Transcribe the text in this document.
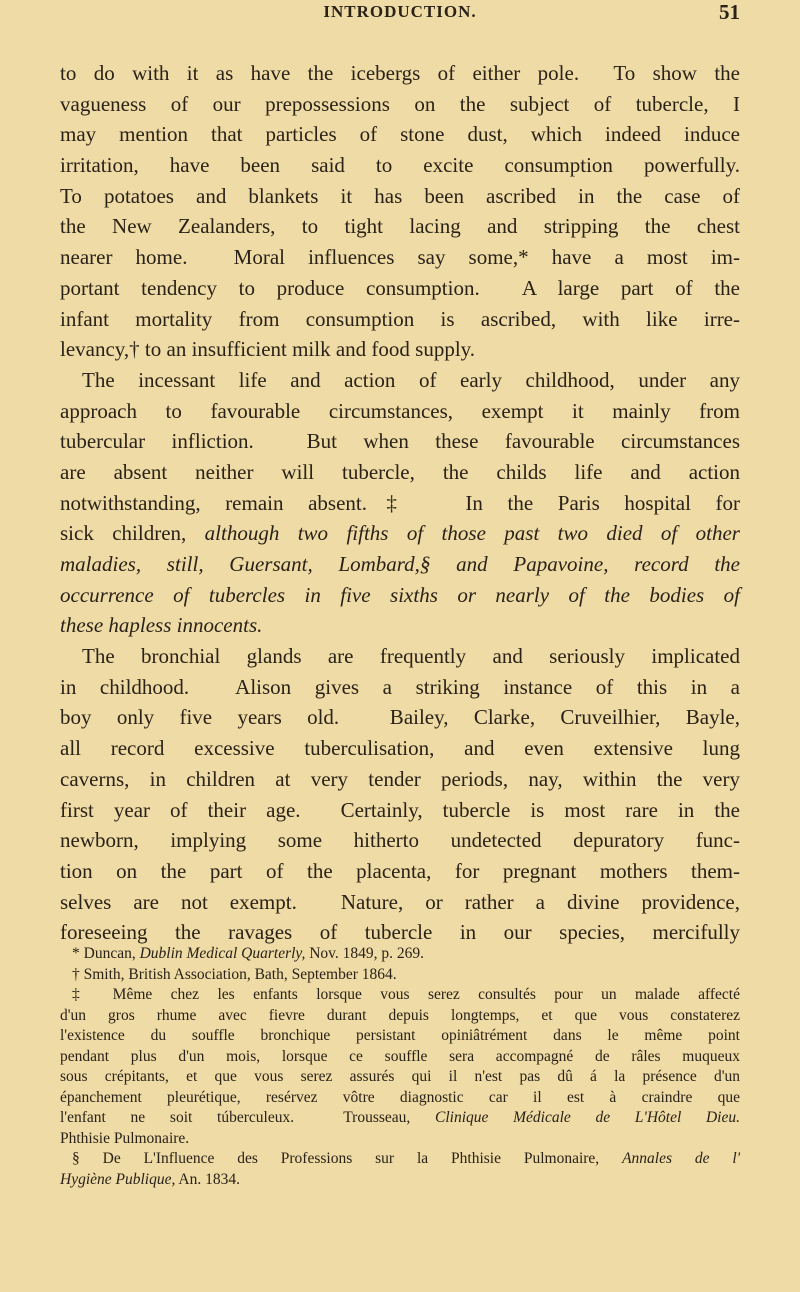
INTRODUCTION.	51
to do with it as have the icebergs of either pole.  To show the
vagueness of our prepossessions on the subject of tubercle, I
may mention that particles of stone dust, which indeed induce
irritation, have been said to excite consumption powerfully.
To potatoes and blankets it has been ascribed in the case of
the New Zealanders, to tight lacing and stripping the chest
nearer home.  Moral influences say some,* have a most im-
portant tendency to produce consumption.  A large part of the
infant mortality from consumption is ascribed, with like irre-
levancy,† to an insufficient milk and food supply.
The incessant life and action of early childhood, under any
approach to favourable circumstances, exempt it mainly from
tubercular infliction.  But when these favourable circumstances
are absent neither will tubercle, the childs life and action
notwithstanding, remain absent.‡  In the Paris hospital for
sick children, although two fifths of those past two died of other
maladies, still, Guersant, Lombard,§ and Papavoine, record the
occurrence of tubercles in five sixths or nearly of the bodies of
these hapless innocents.
The bronchial glands are frequently and seriously implicated
in childhood.  Alison gives a striking instance of this in a
boy only five years old.  Bailey, Clarke, Cruveilhier, Bayle,
all record excessive tuberculisation, and even extensive lung
caverns, in children at very tender periods, nay, within the very
first year of their age.  Certainly, tubercle is most rare in the
newborn, implying some hitherto undetected depuratory func-
tion on the part of the placenta, for pregnant mothers them-
selves are not exempt.  Nature, or rather a divine providence,
foreseeing the ravages of tubercle in our species, mercifully
* Duncan, Dublin Medical Quarterly, Nov. 1849, p. 269.
† Smith, British Association, Bath, September 1864.
‡ Même chez les enfants lorsque vous serez consultés pour un malade affecté
d'un gros rhume avec fievre durant depuis longtemps, et que vous constaterez
l'existence du souffle bronchique persistant opiniâtrément dans le même point
pendant plus d'un mois, lorsque ce souffle sera accompagné de râles muqueux
sous crépitants, et que vous serez assurés qui il n'est pas dû á la présence d'un
épanchement pleurétique, resérvez vôtre diagnostic car il est à craindre que
l'enfant ne soit túberculeux.  Trousseau, Clinique Médicale de L'Hôtel Dieu.
Phthisie Pulmonaire.
§ De L'Influence des Professions sur la Phthisie Pulmonaire, Annales de l'
Hygiène Publique, An. 1834.
